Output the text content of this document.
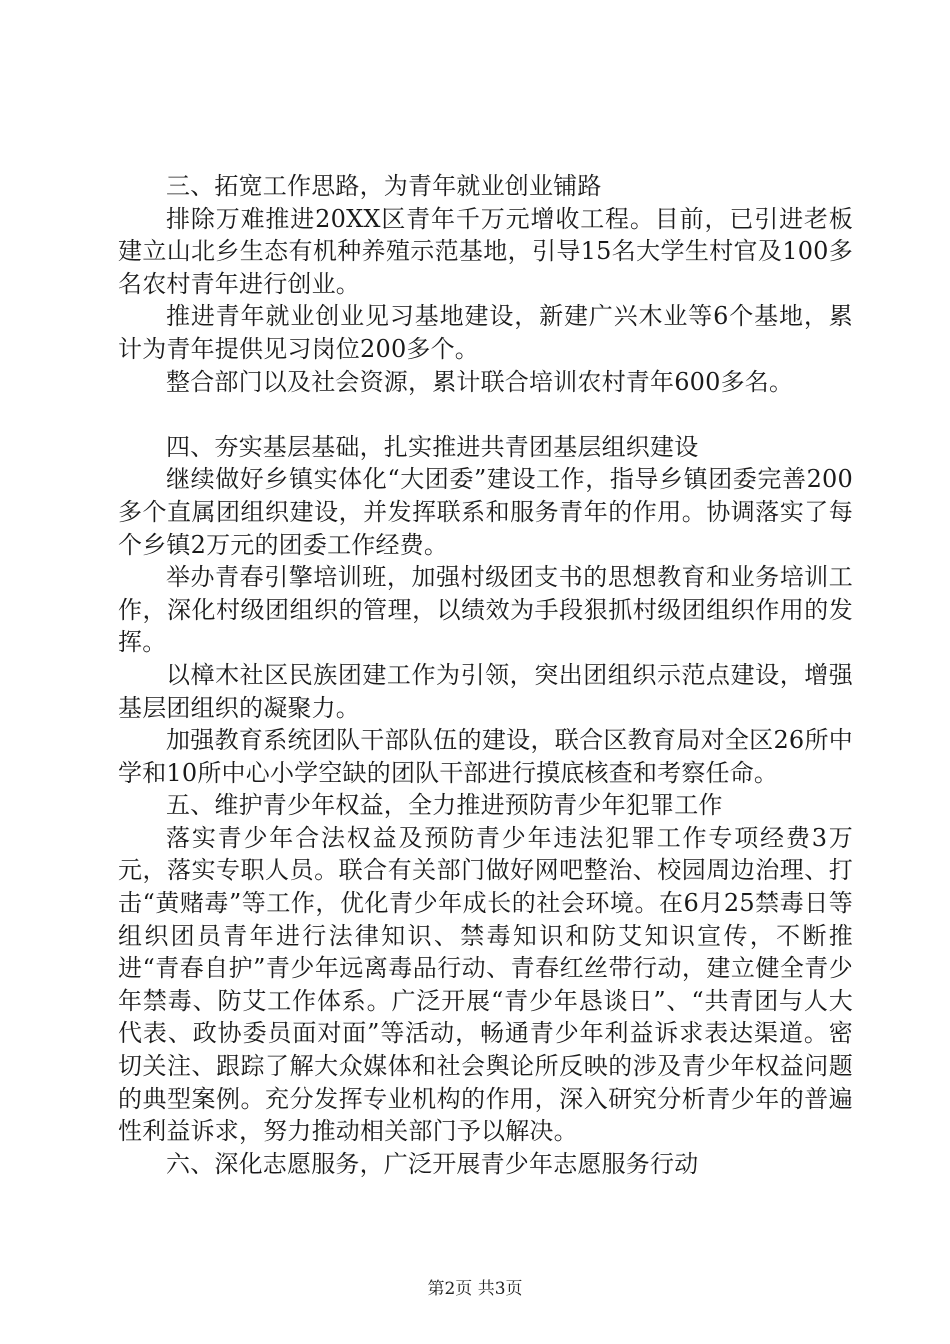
三、拓宽工作思路，为青年就业创业铺路

排除万难推进20XX区青年千万元增收工程。目前，已引进老板建立山北乡生态有机种养殖示范基地，引导15名大学生村官及100多名农村青年进行创业。

推进青年就业创业见习基地建设，新建广兴木业等6个基地，累计为青年提供见习岗位200多个。

整合部门以及社会资源，累计联合培训农村青年600多名。

四、夯实基层基础，扎实推进共青团基层组织建设

继续做好乡镇实体化“大团委”建设工作，指导乡镇团委完善200多个直属团组织建设，并发挥联系和服务青年的作用。协调落实了每个乡镇2万元的团委工作经费。

举办青春引擎培训班，加强村级团支书的思想教育和业务培训工作，深化村级团组织的管理，以绩效为手段狠抓村级团组织作用的发挥。

以樟木社区民族团建工作为引领，突出团组织示范点建设，增强基层团组织的凝聚力。

加强教育系统团队干部队伍的建设，联合区教育局对全区26所中学和10所中心小学空缺的团队干部进行摸底核查和考察任命。

五、维护青少年权益，全力推进预防青少年犯罪工作

落实青少年合法权益及预防青少年违法犯罪工作专项经费3万元，落实专职人员。联合有关部门做好网吧整治、校园周边治理、打击“黄赌毒”等工作，优化青少年成长的社会环境。在6月25禁毒日等组织团员青年进行法律知识、禁毒知识和防艾知识宣传，不断推进“青春自护”青少年远离毒品行动、青春红丝带行动，建立健全青少年禁毒、防艾工作体系。广泛开展“青少年恳谈日”、“共青团与人大代表、政协委员面对面”等活动，畅通青少年利益诉求表达渠道。密切关注、跟踪了解大众媒体和社会舆论所反映的涉及青少年权益问题的典型案例。充分发挥专业机构的作用，深入研究分析青少年的普遍性利益诉求，努力推动相关部门予以解决。

六、深化志愿服务，广泛开展青少年志愿服务行动

第2页 共3页
